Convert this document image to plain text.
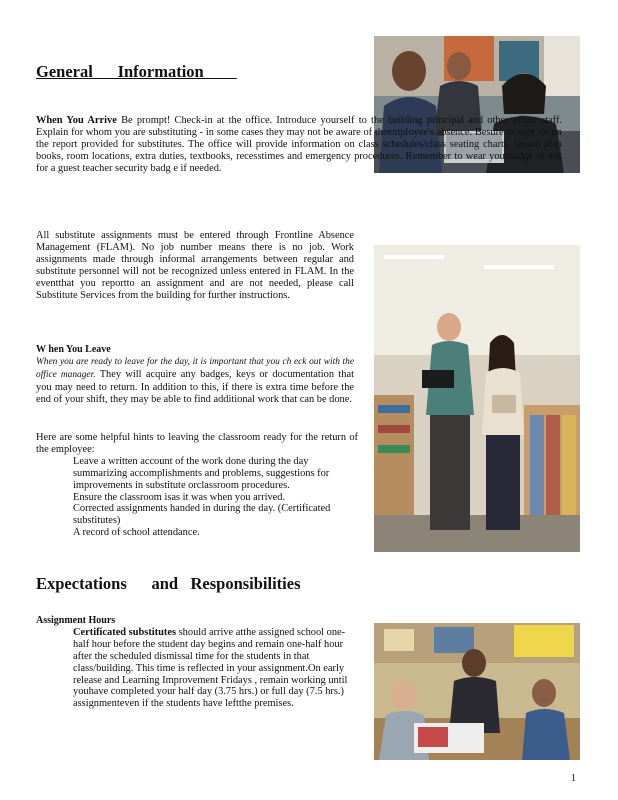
General      Information

When You Arrive Be prompt! Check-in at the office. Introduce yourself to the building principal and other office staff. Explain for whom you are substituting - in some cases they may not be aware of theemployee's absence. Besure to sign -in on the report provided for substitutes. The office will provide information on class schedules/class seating charts, lesson plan books, room locations, extra duties, textbooks, recesstimes and emergency procedures. Remember to wear yourbadge or ask for a guest teacher security badg e if needed.

All substitute assignments must be entered through Frontline Absence Management (FLAM). No job number means there is no job. Work assignments made through informal arrangements between regular and substitute personnel will not be recognized unless entered in FLAM. In the eventthat you reportto an assignment and are not needed, please call Substitute Services from the building for further instructions.

W hen You Leave

When you are ready to leave for the day, it is important that you ch eck out with the office manager. They will acquire any badges, keys or documentation that you may need to return. In addition to this, if there is extra time before the end of your shift, they may be able to find additional work that can be done.

Here are some helpful hints to leaving the classroom ready for the return of the employee:

Leave a written account of the work done during the day summarizing accomplishments and problems, suggestions for improvements in substitute orclassroom procedures.
Ensure the classroom isas it was when you arrived.
Corrected assignments handed in during the day. (Certificated substitutes)
A record of school attendance.
Expectations      and   Responsibilities

Assignment Hours

Certificated substitutes should arrive atthe assigned school one- half hour before the student day begins and remain one-half hour after the scheduled dismissal time for the students in that class/building. This time is reflected in your assignment.On early release and Learning Improvement Fridays , remain working until youhave completed your half day (3.75 hrs.) or full day (7.5 hrs.) assignmenteven if the students have leftthe premises.
1
